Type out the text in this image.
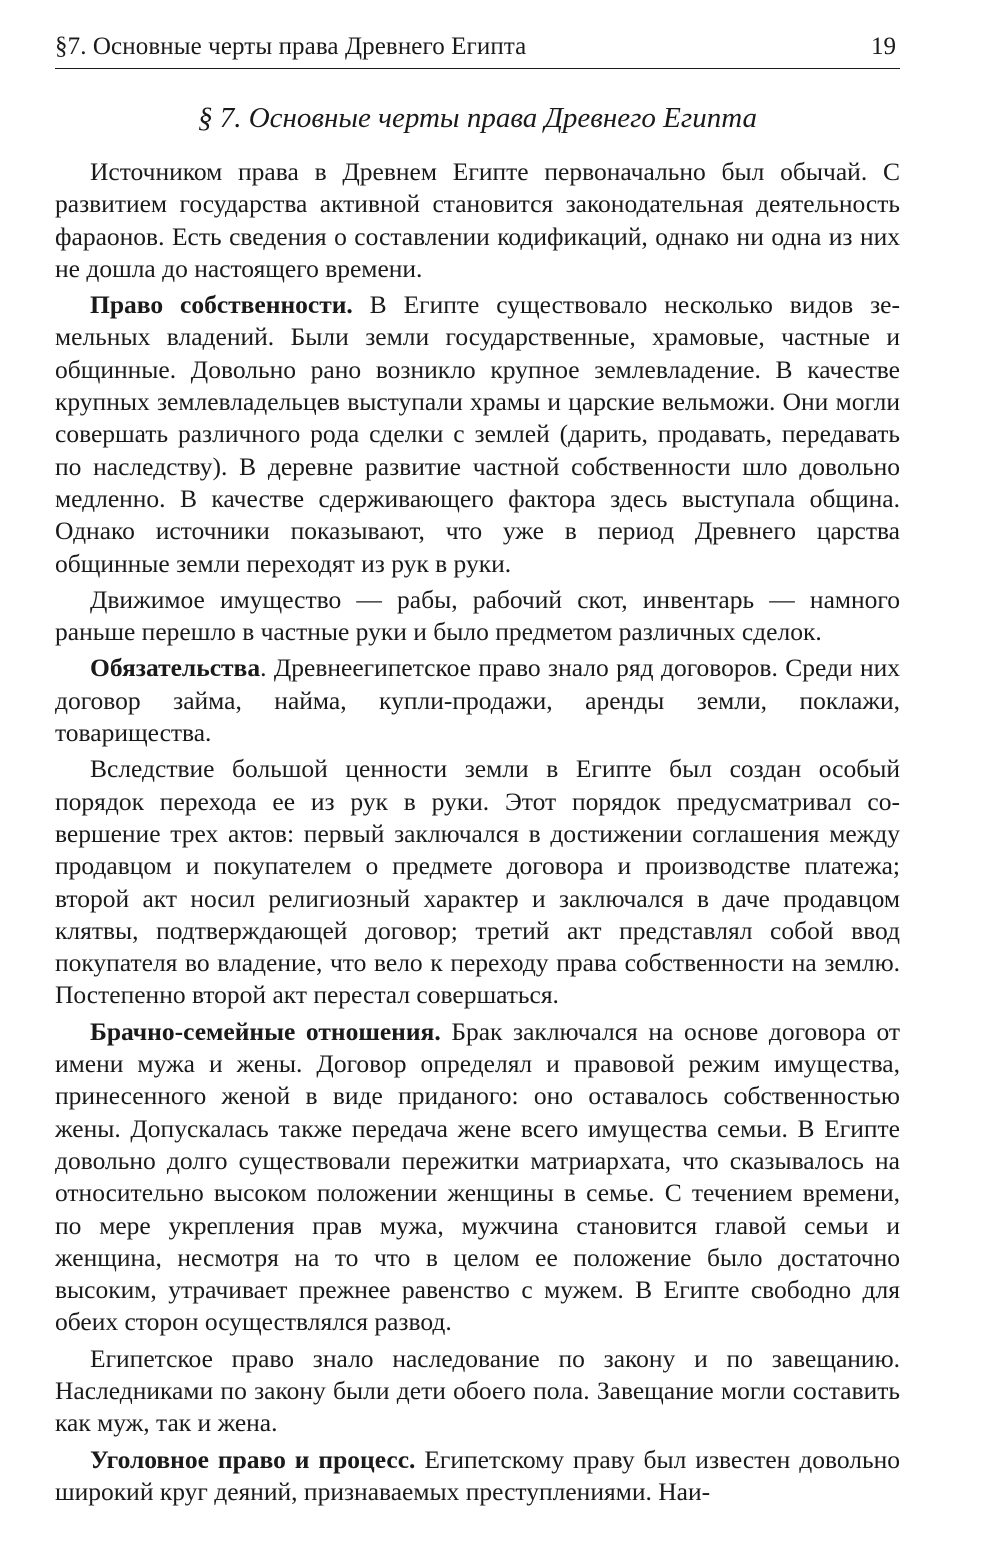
§7. Основные черты права Древнего Египта	19
§ 7. Основные черты права Древнего Египта

Источником права в Древнем Египте первоначально был обычай. С развитием государства активной становится законодательная деятельность фараонов. Есть сведения о составлении кодификаций, однако ни одна из них не дошла до настоящего времени.

Право собственности. В Египте существовало несколько видов земельных владений. Были земли государственные, храмовые, частные и общинные. Довольно рано возникло крупное землевладение. В качестве крупных землевладельцев выступали храмы и царские вельможи. Они могли совершать различного рода сделки с землей (дарить, продавать, передавать по наследству). В деревне развитие частной собственности шло довольно медленно. В качестве сдерживающего фактора здесь выступала община. Однако источники показывают, что уже в период Древнего царства общинные земли переходят из рук в руки.

Движимое имущество — рабы, рабочий скот, инвентарь — намного раньше перешло в частные руки и было предметом различных сделок.

Обязательства. Древнеегипетское право знало ряд договоров. Среди них договор займа, найма, купли-продажи, аренды земли, поклажи, товарищества.

Вследствие большой ценности земли в Египте был создан особый порядок перехода ее из рук в руки. Этот порядок предусматривал совершение трех актов: первый заключался в достижении соглашения между продавцом и покупателем о предмете договора и производстве платежа; второй акт носил религиозный характер и заключался в даче продавцом клятвы, подтверждающей договор; третий акт представлял собой ввод покупателя во владение, что вело к переходу права собственности на землю. Постепенно второй акт перестал совершаться.

Брачно-семейные отношения. Брак заключался на основе договора от имени мужа и жены. Договор определял и правовой режим имущества, принесенного женой в виде приданого: оно оставалось собственностью жены. Допускалась также передача жене всего имущества семьи. В Египте довольно долго существовали пережитки матриархата, что сказывалось на относительно высоком положении женщины в семье. С течением времени, по мере укрепления прав мужа, мужчина становится главой семьи и женщина, несмотря на то что в целом ее положение было достаточно высоким, утрачивает прежнее равенство с мужем. В Египте свободно для обеих сторон осуществлялся развод.

Египетское право знало наследование по закону и по завещанию. Наследниками по закону были дети обоего пола. Завещание могли составить как муж, так и жена.

Уголовное право и процесс. Египетскому праву был известен довольно широкий круг деяний, признаваемых преступлениями. Наи-
